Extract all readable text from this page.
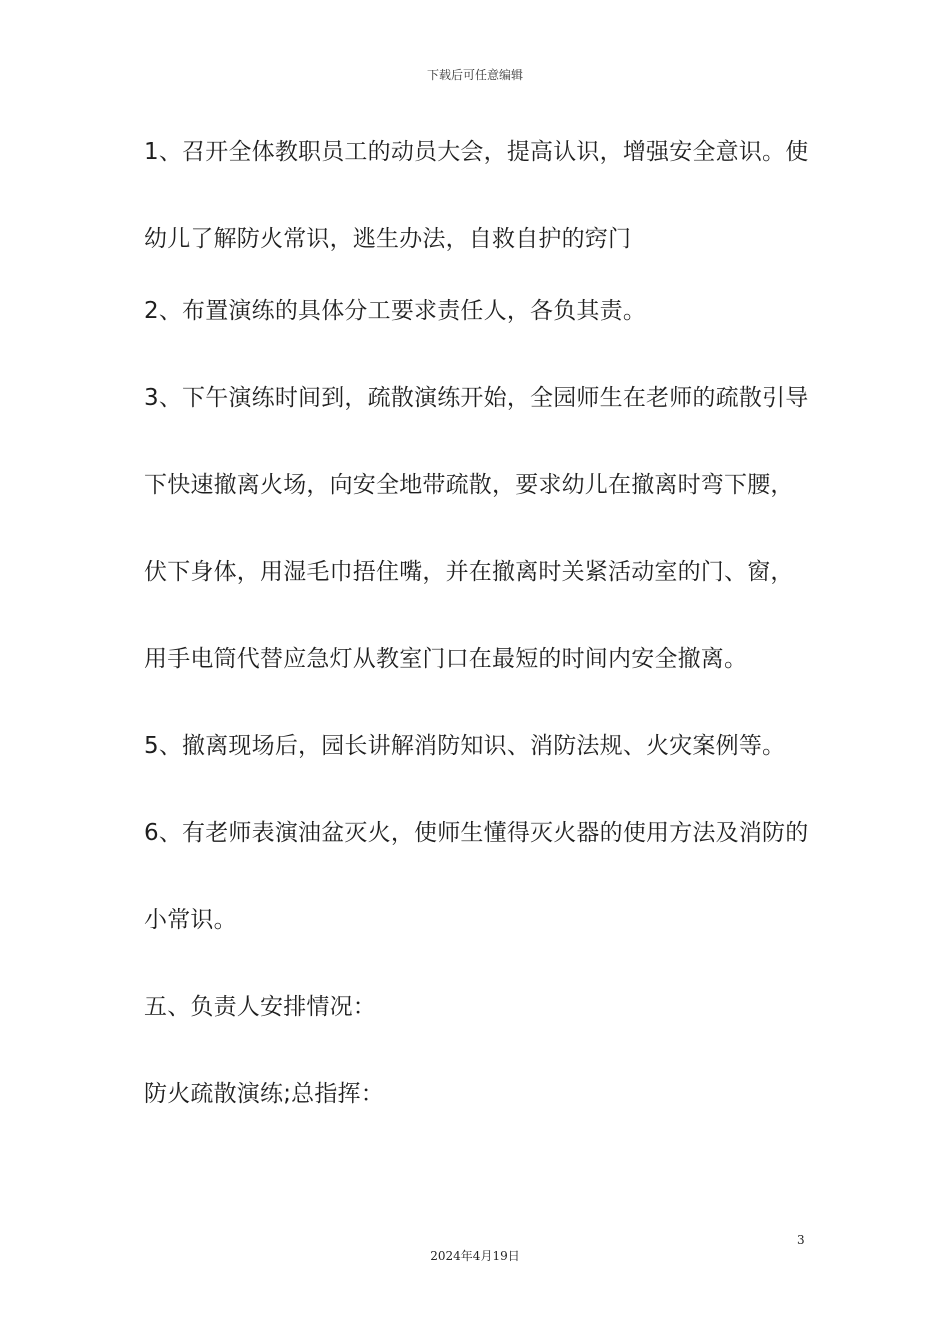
下载后可任意编辑
1、召开全体教职员工的动员大会，提高认识，增强安全意识。使
幼儿了解防火常识，逃生办法，自救自护的窍门
2、布置演练的具体分工要求责任人，各负其责。
3、下午演练时间到，疏散演练开始，全园师生在老师的疏散引导
下快速撤离火场，向安全地带疏散，要求幼儿在撤离时弯下腰，
伏下身体，用湿毛巾捂住嘴，并在撤离时关紧活动室的门、窗，
用手电筒代替应急灯从教室门口在最短的时间内安全撤离。
5、撤离现场后，园长讲解消防知识、消防法规、火灾案例等。
6、有老师表演油盆灭火，使师生懂得灭火器的使用方法及消防的
小常识。
五、负责人安排情况：
防火疏散演练;总指挥：
3
2024年4月19日
